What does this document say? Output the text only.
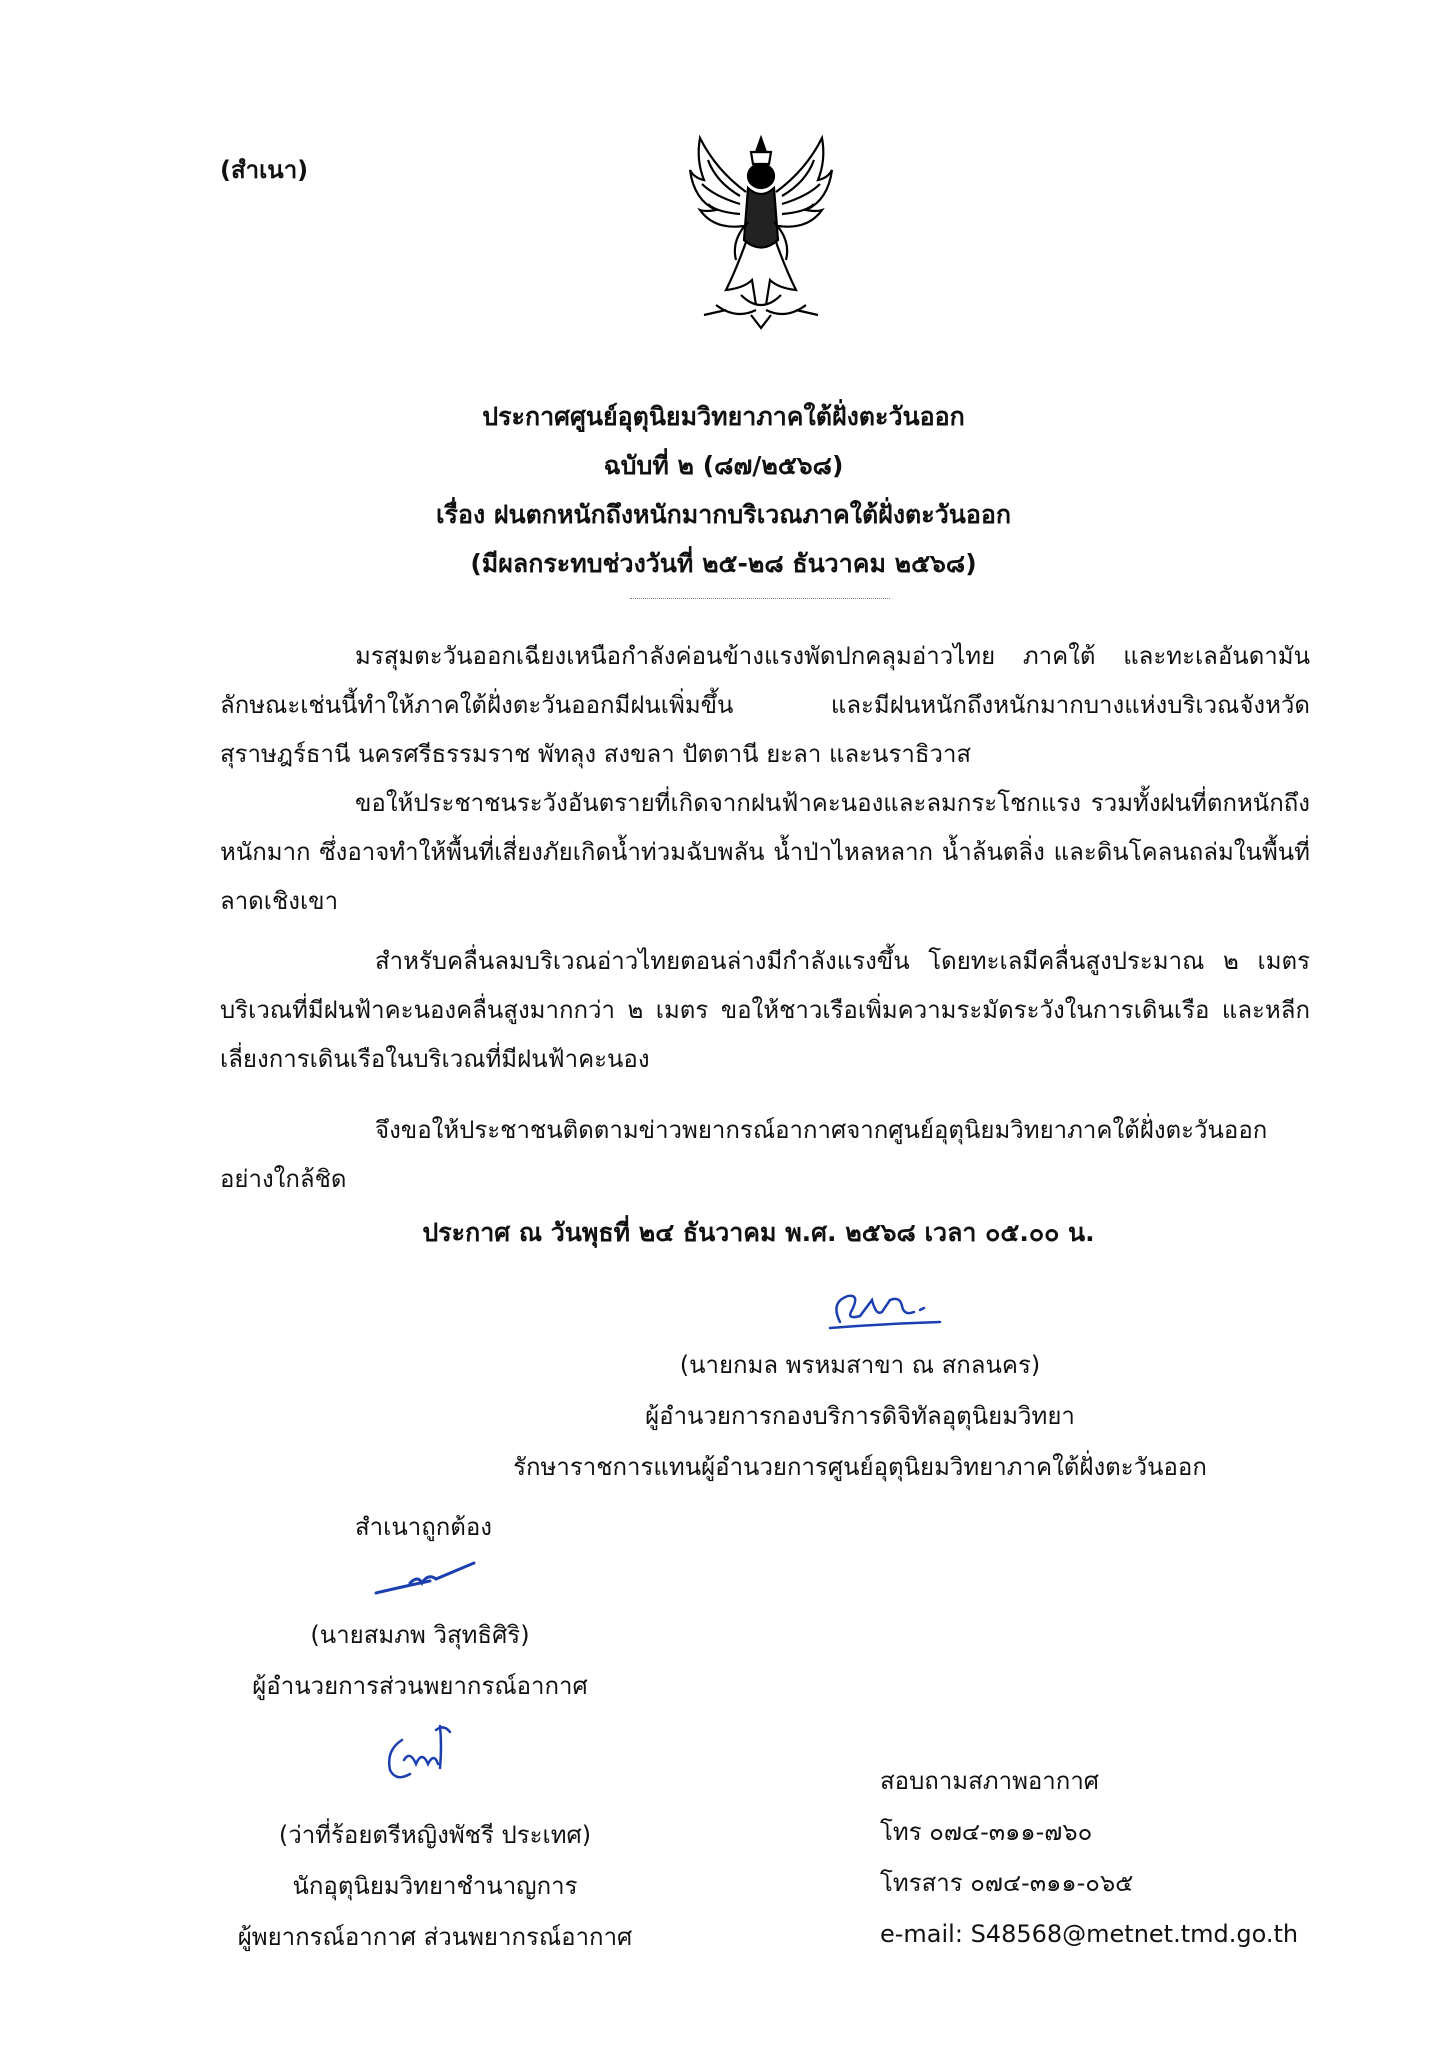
(สำเนา)
ประกาศศูนย์อุตุนิยมวิทยาภาคใต้ฝั่งตะวันออก
ฉบับที่ ๒ (๘๗/๒๕๖๘)
เรื่อง ฝนตกหนักถึงหนักมากบริเวณภาคใต้ฝั่งตะวันออก
(มีผลกระทบช่วงวันที่ ๒๕-๒๘ ธันวาคม ๒๕๖๘)

มรสุมตะวันออกเฉียงเหนือกำลังค่อนข้างแรงพัดปกคลุมอ่าวไทย ภาคใต้ และทะเลอันดามัน ลักษณะเช่นนี้ทำให้ภาคใต้ฝั่งตะวันออกมีฝนเพิ่มขึ้น และมีฝนหนักถึงหนักมากบางแห่งบริเวณจังหวัดสุราษฎร์ธานี นครศรีธรรมราช พัทลุง สงขลา ปัตตานี ยะลา และนราธิวาส

ขอให้ประชาชนระวังอันตรายที่เกิดจากฝนฟ้าคะนองและลมกระโชกแรง รวมทั้งฝนที่ตกหนักถึงหนักมาก ซึ่งอาจทำให้พื้นที่เสี่ยงภัยเกิดน้ำท่วมฉับพลัน น้ำป่าไหลหลาก น้ำล้นตลิ่ง และดินโคลนถล่มในพื้นที่ลาดเชิงเขา

สำหรับคลื่นลมบริเวณอ่าวไทยตอนล่างมีกำลังแรงขึ้น โดยทะเลมีคลื่นสูงประมาณ ๒ เมตร บริเวณที่มีฝนฟ้าคะนองคลื่นสูงมากกว่า ๒ เมตร ขอให้ชาวเรือเพิ่มความระมัดระวังในการเดินเรือ และหลีกเลี่ยงการเดินเรือในบริเวณที่มีฝนฟ้าคะนอง

จึงขอให้ประชาชนติดตามข่าวพยากรณ์อากาศจากศูนย์อุตุนิยมวิทยาภาคใต้ฝั่งตะวันออกอย่างใกล้ชิด

ประกาศ ณ วันพุธที่ ๒๔ ธันวาคม พ.ศ. ๒๕๖๘ เวลา ๐๕.๐๐ น.
(นายกมล พรหมสาขา ณ สกลนคร)
ผู้อำนวยการกองบริการดิจิทัลอุตุนิยมวิทยา
รักษาราชการแทนผู้อำนวยการศูนย์อุตุนิยมวิทยาภาคใต้ฝั่งตะวันออก
สำเนาถูกต้อง
(นายสมภพ วิสุทธิศิริ)
ผู้อำนวยการส่วนพยากรณ์อากาศ
(ว่าที่ร้อยตรีหญิงพัชรี ประเทศ)
นักอุตุนิยมวิทยาชำนาญการ
ผู้พยากรณ์อากาศ ส่วนพยากรณ์อากาศ
สอบถามสภาพอากาศ
โทร ๐๗๔-๓๑๑-๗๖๐
โทรสาร ๐๗๔-๓๑๑-๐๖๕
e-mail: S48568@metnet.tmd.go.th
